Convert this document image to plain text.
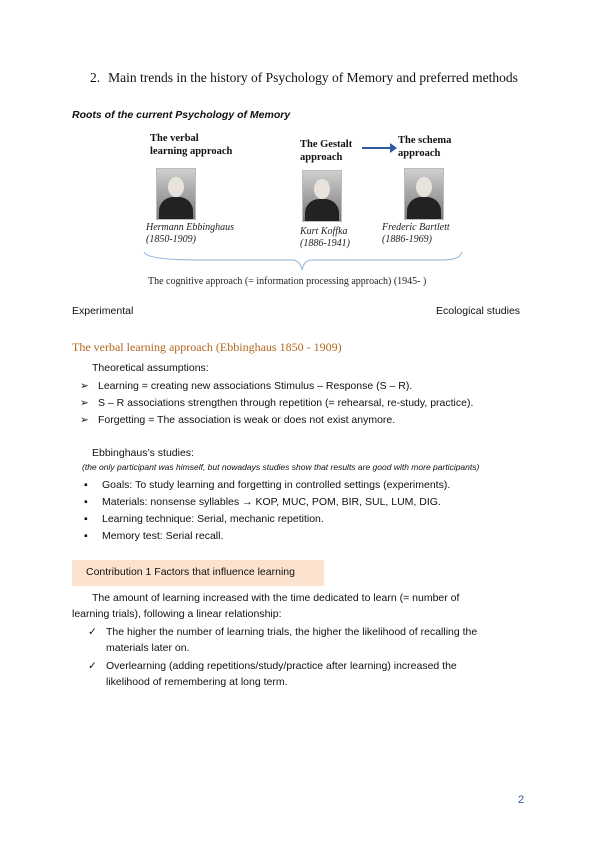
2. Main trends in the history of Psychology of Memory and preferred methods
Roots of the current Psychology of Memory
The verbal
learning approach
The Gestalt
approach
The schema
approach
Hermann Ebbinghaus
(1850-1909)
Kurt Koffka
(1886-1941)
Frederic Bartlett
(1886-1969)
The cognitive approach (= information processing approach) (1945- )
Experimental	Ecological studies
The verbal learning approach (Ebbinghaus 1850 - 1909)
Theoretical assumptions:
➢ Learning = creating new associations Stimulus – Response (S – R).
➢ S – R associations strengthen through repetition (= rehearsal, re-study, practice).
➢ Forgetting = The association is weak or does not exist anymore.
Ebbinghaus’s studies:
(the only participant was himself, but nowadays studies show that results are good with more participants)
▪ Goals: To study learning and forgetting in controlled settings (experiments).
▪ Materials: nonsense syllables → KOP, MUC, POM, BIR, SUL, LUM, DIG.
▪ Learning technique: Serial, mechanic repetition.
▪ Memory test: Serial recall.
Contribution 1 Factors that influence learning
The amount of learning increased with the time dedicated to learn (= number of
learning trials), following a linear relationship:
✓ The higher the number of learning trials, the higher the likelihood of recalling the
materials later on.
✓ Overlearning (adding repetitions/study/practice after learning) increased the
likelihood of remembering at long term.
2
